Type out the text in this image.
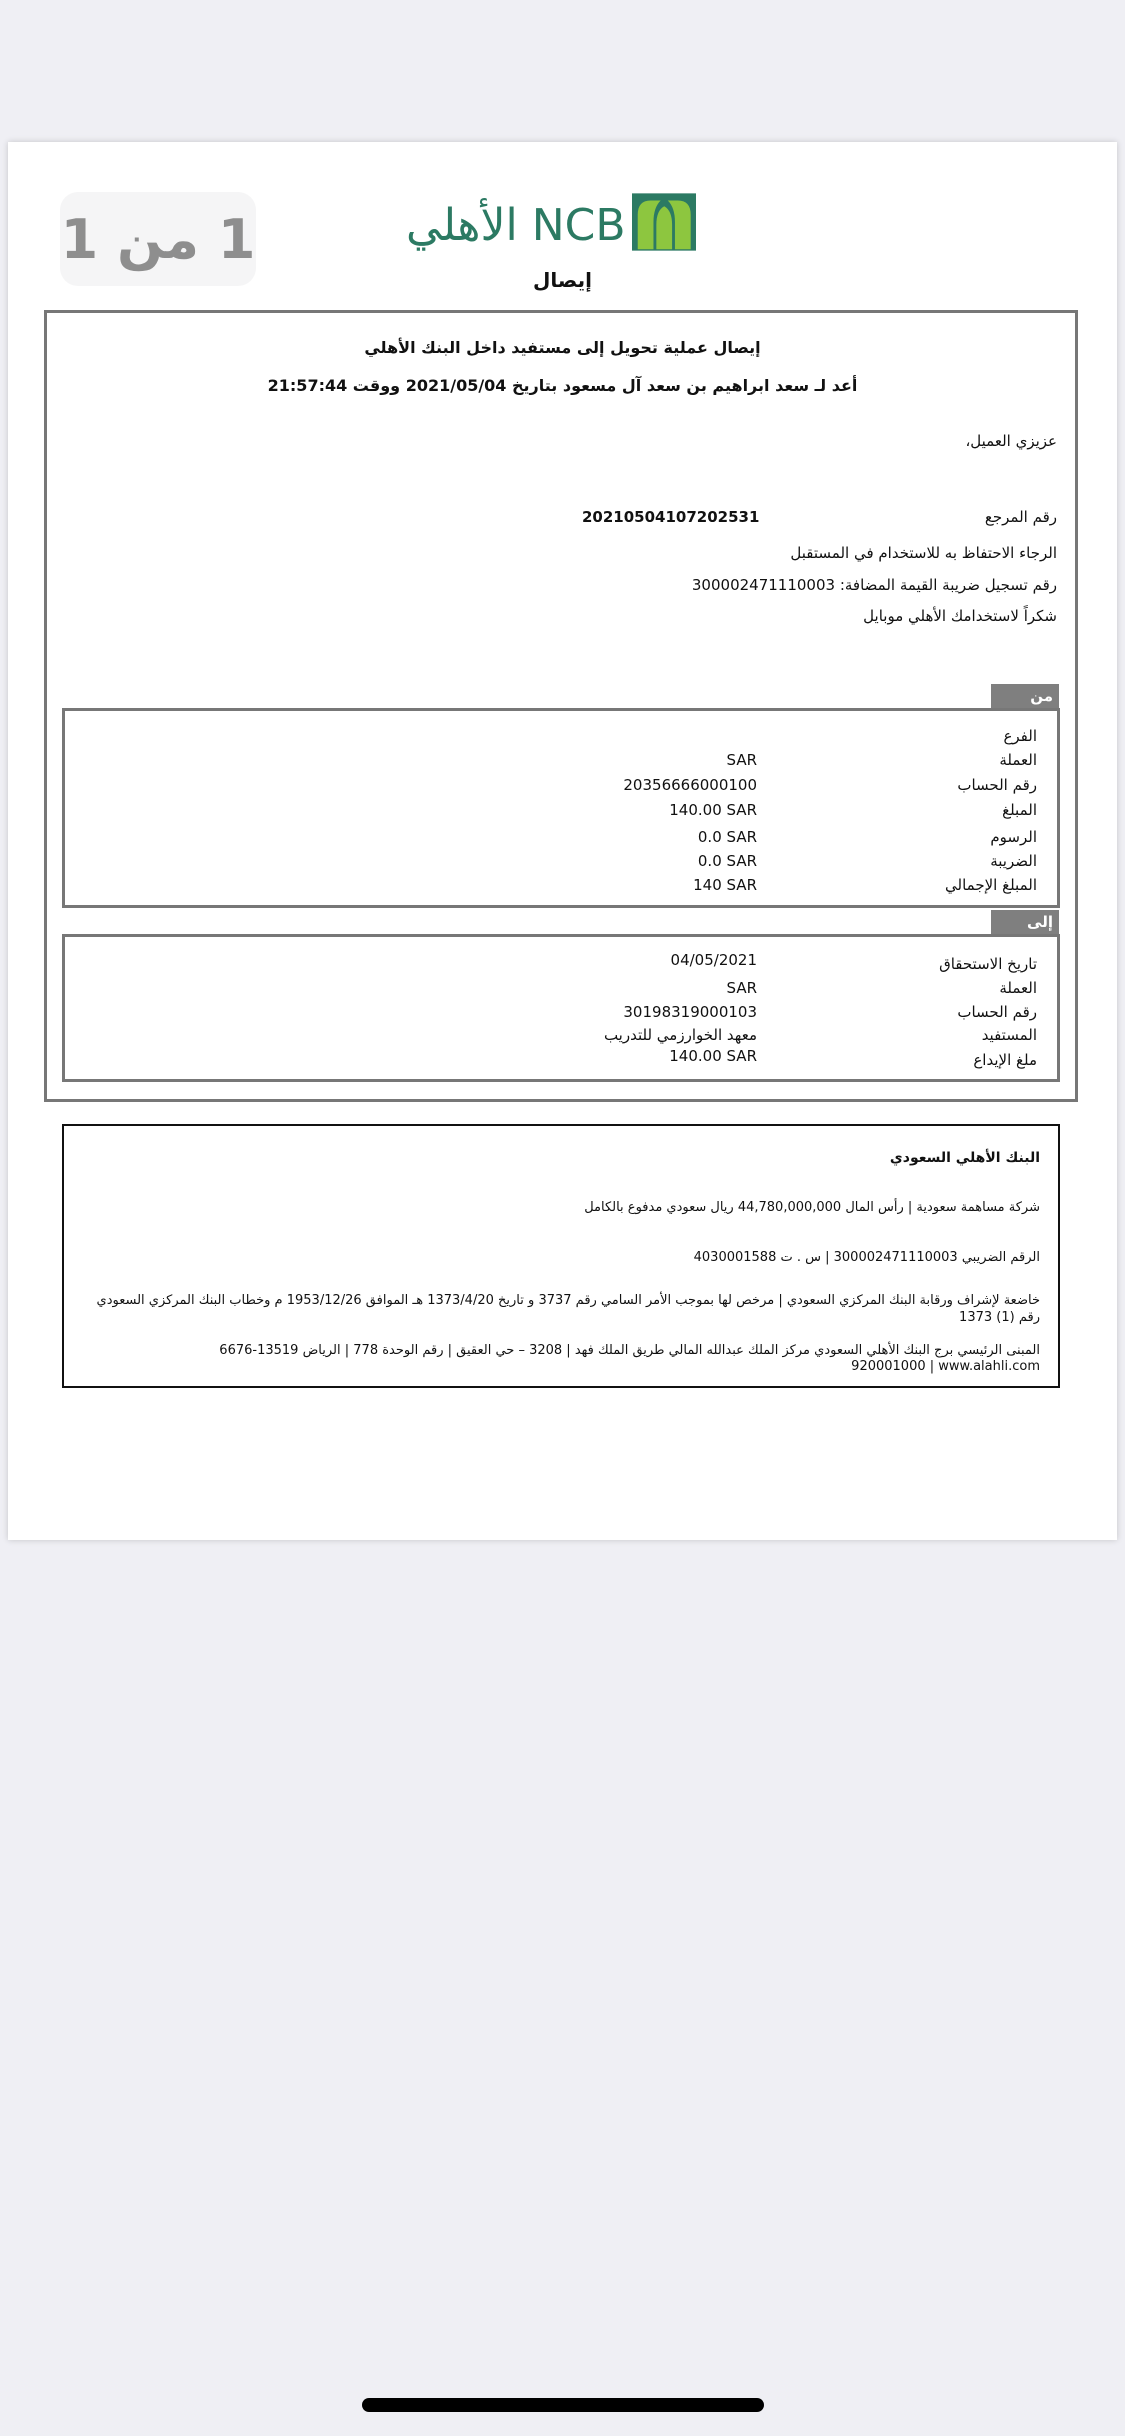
1 من 1	الأهلي NCB
إيصال
إيصال عملية تحويل إلى مستفيد داخل البنك الأهلي
أعد لـ سعد ابراهيم بن سعد آل مسعود بتاريخ 2021/05/04 ووقت 21:57:44
عزيزي العميل،
رقم المرجع
20210504107202531
الرجاء الاحتفاظ به للاستخدام في المستقبل
رقم تسجيل ضريبة القيمة المضافة: 300002471110003
شكراً لاستخدامك الأهلي موبايل
من
الفرع
العملة
SAR
رقم الحساب
20356666000100
المبلغ
140.00 SAR
الرسوم
0.0 SAR
الضريبة
0.0 SAR
المبلغ الإجمالي
140 SAR
إلى
تاريخ الاستحقاق
04/05/2021
العملة
SAR
رقم الحساب
30198319000103
المستفيد
معهد الخوارزمي للتدريب
ملغ الإيداع
140.00 SAR
البنك الأهلي السعودي
شركة مساهمة سعودية | رأس المال 44,780,000,000 ريال سعودي مدفوع بالكامل
الرقم الضريبي 300002471110003 | س . ت 4030001588
خاضعة لإشراف ورقابة البنك المركزي السعودي | مرخص لها بموجب الأمر السامي رقم 3737 و تاريخ 1373/4/20 هـ الموافق 1953/12/26 م وخطاب البنك المركزي السعودي رقم (1) 1373
المبنى الرئيسي برج البنك الأهلي السعودي مركز الملك عبدالله المالي طريق الملك فهد | 3208 – حي العقيق | رقم الوحدة 778 | الرياض 13519-6676
920001000 | www.alahli.com
